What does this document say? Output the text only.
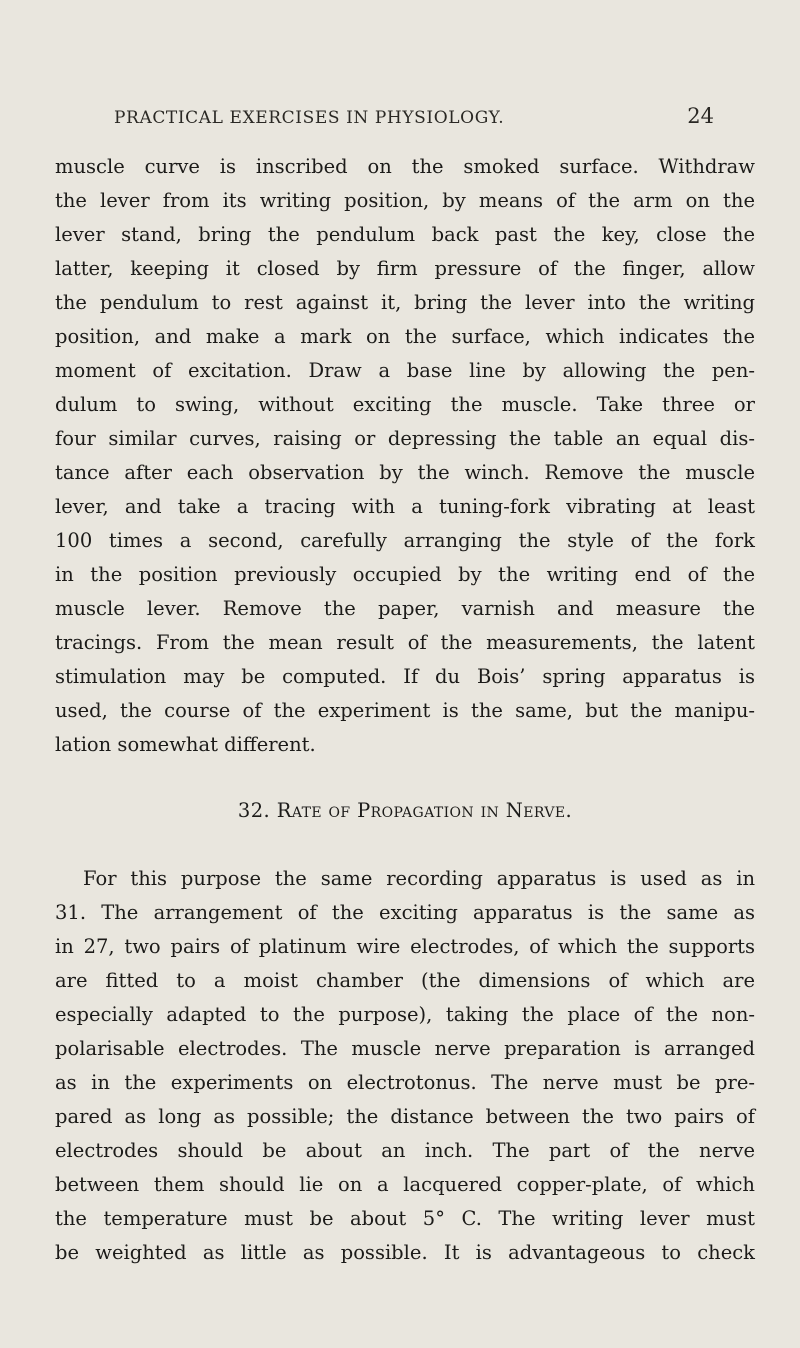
PRACTICAL EXERCISES IN PHYSIOLOGY.	24
muscle curve is inscribed on the smoked surface. Withdraw
the lever from its writing position, by means of the arm on the
lever stand, bring the pendulum back past the key, close the
latter, keeping it closed by firm pressure of the finger, allow
the pendulum to rest against it, bring the lever into the writing
position, and make a mark on the surface, which indicates the
moment of excitation. Draw a base line by allowing the pen-
dulum to swing, without exciting the muscle. Take three or
four similar curves, raising or depressing the table an equal dis-
tance after each observation by the winch. Remove the muscle
lever, and take a tracing with a tuning-fork vibrating at least
100 times a second, carefully arranging the style of the fork
in the position previously occupied by the writing end of the
muscle lever. Remove the paper, varnish and measure the
tracings. From the mean result of the measurements, the latent
stimulation may be computed. If du Bois’ spring apparatus is
used, the course of the experiment is the same, but the manipu-
lation somewhat different.
32. Rate of Propagation in Nerve.
For this purpose the same recording apparatus is used as in
31. The arrangement of the exciting apparatus is the same as
in 27, two pairs of platinum wire electrodes, of which the supports
are fitted to a moist chamber (the dimensions of which are
especially adapted to the purpose), taking the place of the non-
polarisable electrodes. The muscle nerve preparation is arranged
as in the experiments on electrotonus. The nerve must be pre-
pared as long as possible; the distance between the two pairs of
electrodes should be about an inch. The part of the nerve
between them should lie on a lacquered copper-plate, of which
the temperature must be about 5° C. The writing lever must
be weighted as little as possible. It is advantageous to check
